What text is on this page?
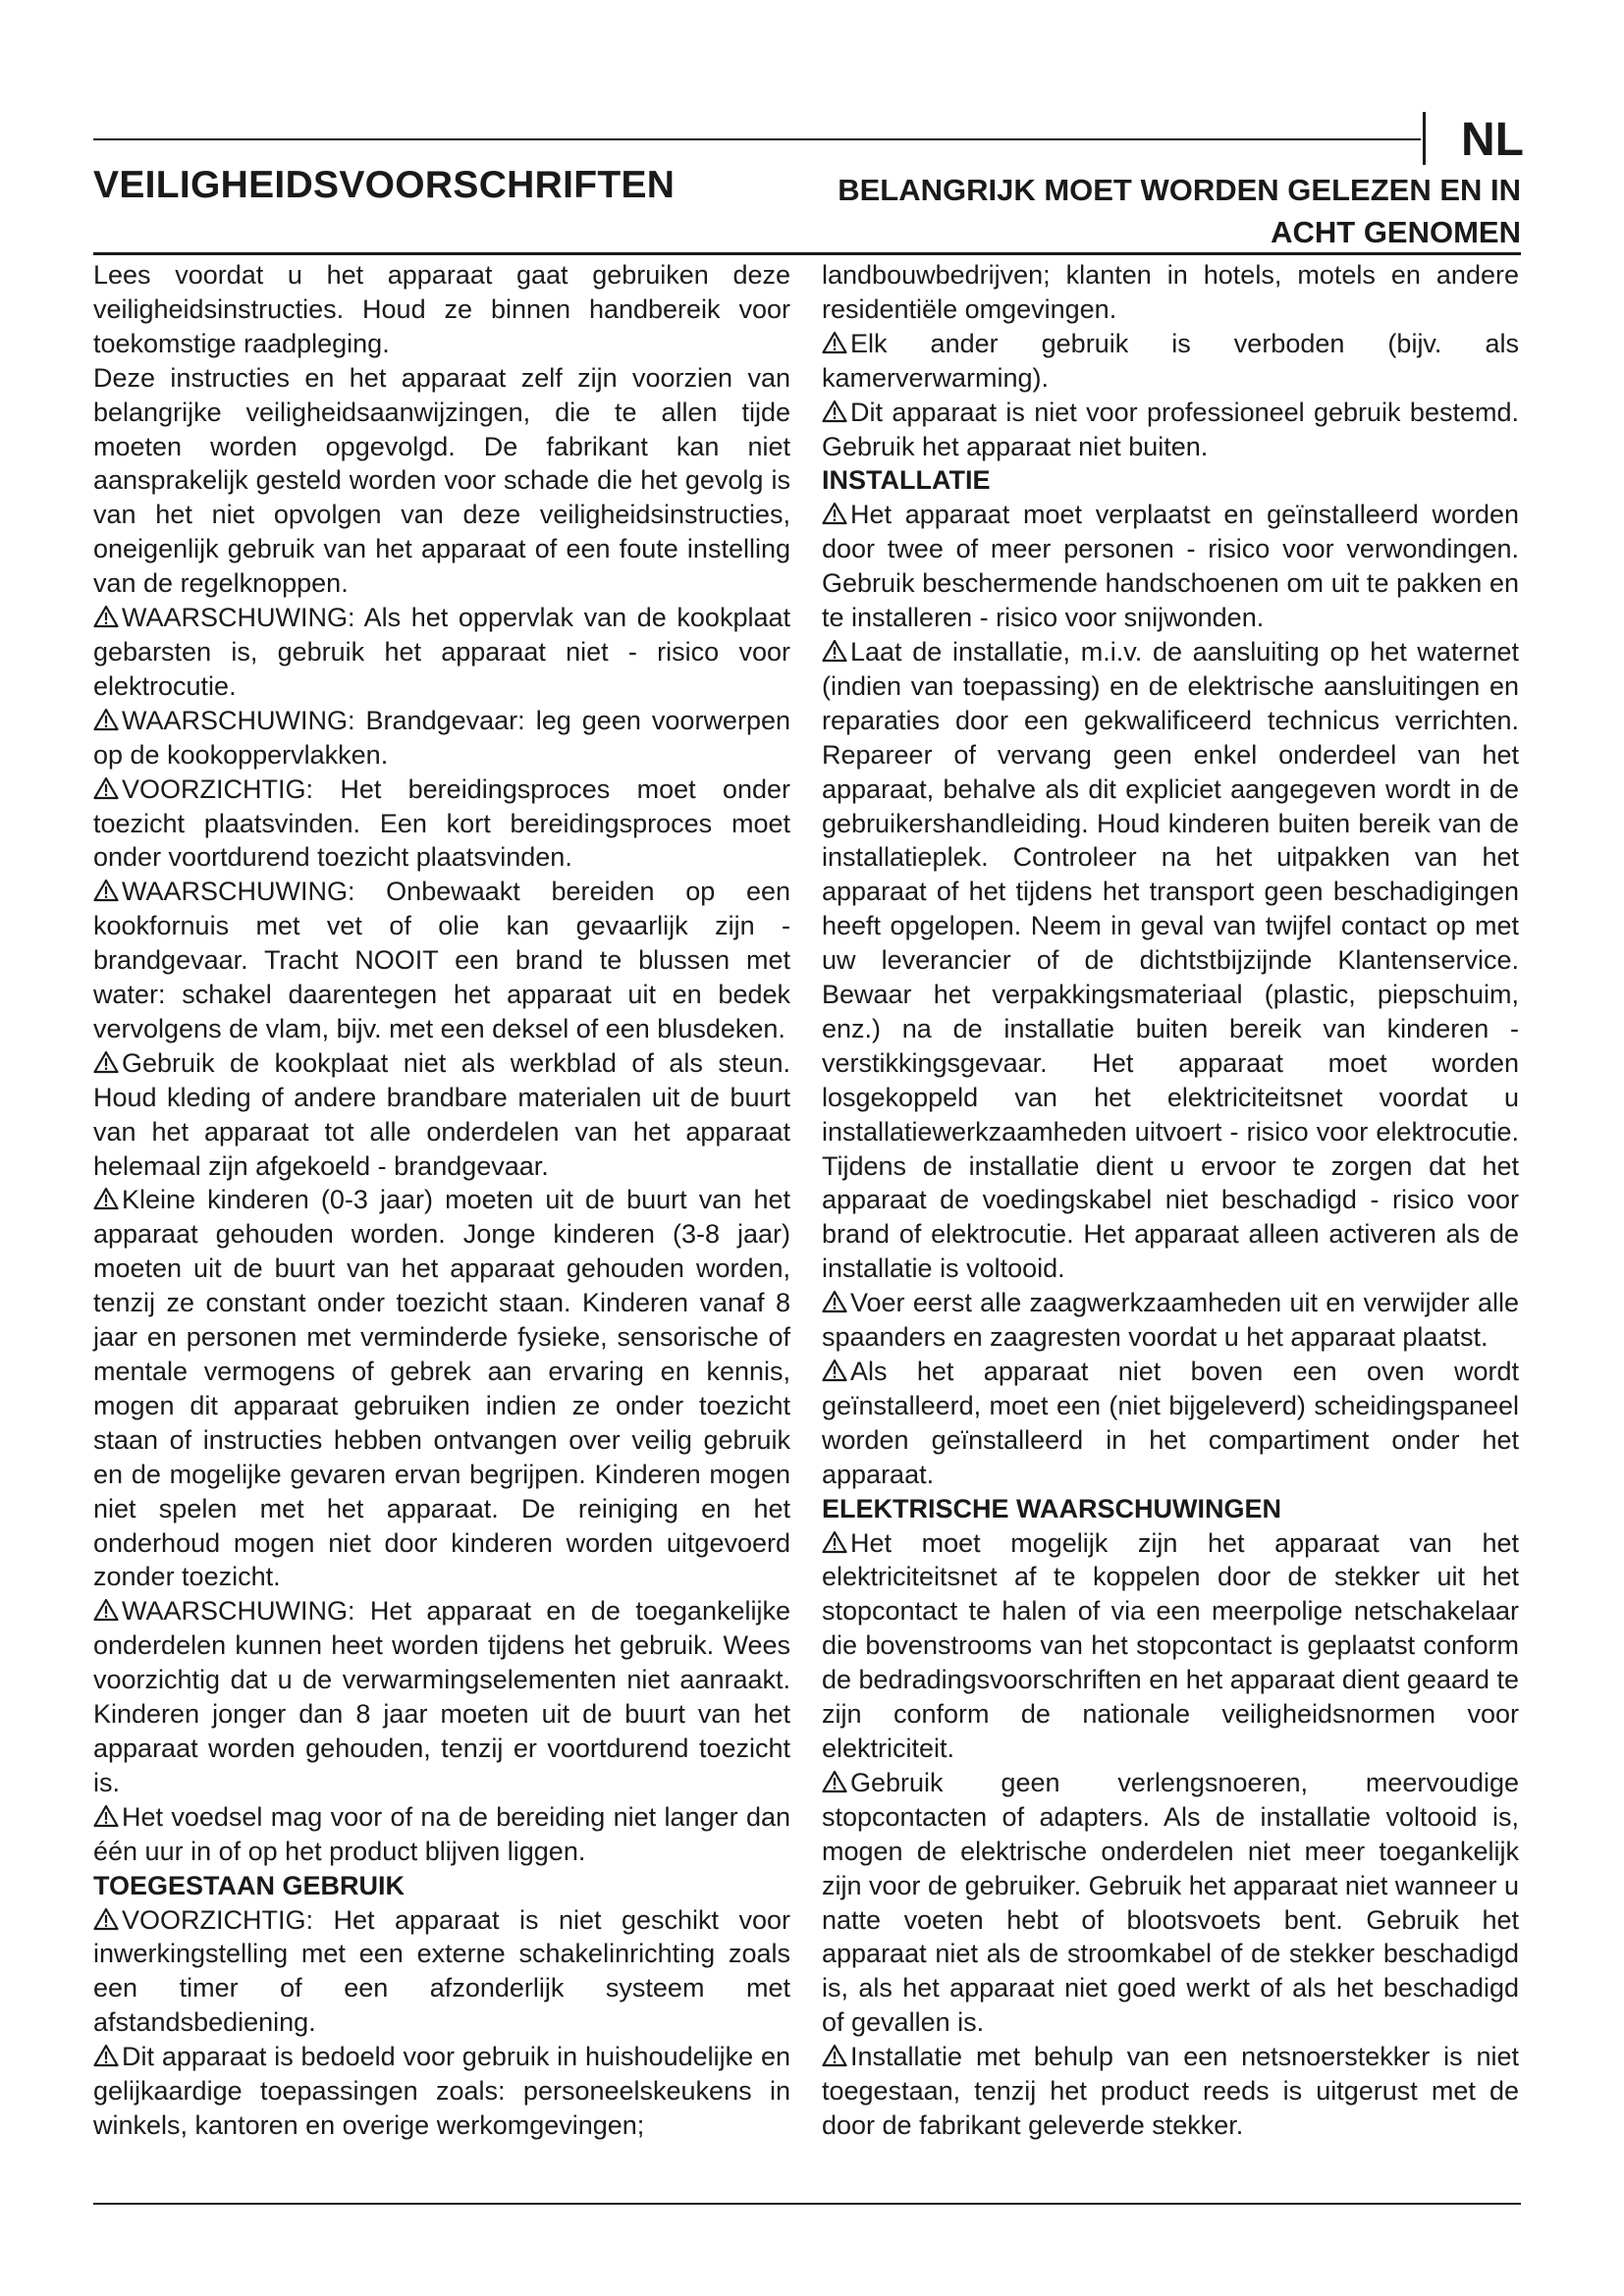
NL
VEILIGHEIDSVOORSCHRIFTEN	BELANGRIJK MOET WORDEN GELEZEN EN IN ACHT GENOMEN

Lees voordat u het apparaat gaat gebruiken deze veiligheidsinstructies. Houd ze binnen handbereik voor toekomstige raadpleging.

Deze instructies en het apparaat zelf zijn voorzien van belangrijke veiligheidsaanwijzingen, die te allen tijde moeten worden opgevolgd. De fabrikant kan niet aansprakelijk gesteld worden voor schade die het gevolg is van het niet opvolgen van deze veiligheidsinstructies, oneigenlijk gebruik van het apparaat of een foute instelling van de regelknoppen.

WAARSCHUWING: Als het oppervlak van de kookplaat gebarsten is, gebruik het apparaat niet - risico voor elektrocutie.

WAARSCHUWING: Brandgevaar: leg geen voorwerpen op de kookoppervlakken.

VOORZICHTIG: Het bereidingsproces moet onder toezicht plaatsvinden. Een kort bereidingsproces moet onder voortdurend toezicht plaatsvinden.

WAARSCHUWING: Onbewaakt bereiden op een kookfornuis met vet of olie kan gevaarlijk zijn - brandgevaar. Tracht NOOIT een brand te blussen met water: schakel daarentegen het apparaat uit en bedek vervolgens de vlam, bijv. met een deksel of een blusdeken.

Gebruik de kookplaat niet als werkblad of als steun. Houd kleding of andere brandbare materialen uit de buurt van het apparaat tot alle onderdelen van het apparaat helemaal zijn afgekoeld - brandgevaar.

Kleine kinderen (0-3 jaar) moeten uit de buurt van het apparaat gehouden worden. Jonge kinderen (3-8 jaar) moeten uit de buurt van het apparaat gehouden worden, tenzij ze constant onder toezicht staan. Kinderen vanaf 8 jaar en personen met verminderde fysieke, sensorische of mentale vermogens of gebrek aan ervaring en kennis, mogen dit apparaat gebruiken indien ze onder toezicht staan of instructies hebben ontvangen over veilig gebruik en de mogelijke gevaren ervan begrijpen. Kinderen mogen niet spelen met het apparaat. De reiniging en het onderhoud mogen niet door kinderen worden uitgevoerd zonder toezicht.

WAARSCHUWING: Het apparaat en de toegankelijke onderdelen kunnen heet worden tijdens het gebruik. Wees voorzichtig dat u de verwarmingselementen niet aanraakt. Kinderen jonger dan 8 jaar moeten uit de buurt van het apparaat worden gehouden, tenzij er voortdurend toezicht is.

Het voedsel mag voor of na de bereiding niet langer dan één uur in of op het product blijven liggen.

TOEGESTAAN GEBRUIK

VOORZICHTIG: Het apparaat is niet geschikt voor inwerkingstelling met een externe schakelinrichting zoals een timer of een afzonderlijk systeem met afstandsbediening.

Dit apparaat is bedoeld voor gebruik in huishoudelijke en gelijkaardige toepassingen zoals: personeelskeukens in winkels, kantoren en overige werkomgevingen;

landbouwbedrijven; klanten in hotels, motels en andere residentiële omgevingen.

Elk ander gebruik is verboden (bijv. als kamerverwarming).

Dit apparaat is niet voor professioneel gebruik bestemd. Gebruik het apparaat niet buiten.

INSTALLATIE

Het apparaat moet verplaatst en geïnstalleerd worden door twee of meer personen - risico voor verwondingen. Gebruik beschermende handschoenen om uit te pakken en te installeren - risico voor snijwonden.

Laat de installatie, m.i.v. de aansluiting op het waternet (indien van toepassing) en de elektrische aansluitingen en reparaties door een gekwalificeerd technicus verrichten. Repareer of vervang geen enkel onderdeel van het apparaat, behalve als dit expliciet aangegeven wordt in de gebruikershandleiding. Houd kinderen buiten bereik van de installatieplek. Controleer na het uitpakken van het apparaat of het tijdens het transport geen beschadigingen heeft opgelopen. Neem in geval van twijfel contact op met uw leverancier of de dichtstbijzijnde Klantenservice. Bewaar het verpakkingsmateriaal (plastic, piepschuim, enz.) na de installatie buiten bereik van kinderen - verstikkingsgevaar. Het apparaat moet worden losgekoppeld van het elektriciteitsnet voordat u installatiewerkzaamheden uitvoert - risico voor elektrocutie. Tijdens de installatie dient u ervoor te zorgen dat het apparaat de voedingskabel niet beschadigd - risico voor brand of elektrocutie. Het apparaat alleen activeren als de installatie is voltooid.

Voer eerst alle zaagwerkzaamheden uit en verwijder alle spaanders en zaagresten voordat u het apparaat plaatst.

Als het apparaat niet boven een oven wordt geïnstalleerd, moet een (niet bijgeleverd) scheidingspaneel worden geïnstalleerd in het compartiment onder het apparaat.

ELEKTRISCHE WAARSCHUWINGEN

Het moet mogelijk zijn het apparaat van het elektriciteitsnet af te koppelen door de stekker uit het stopcontact te halen of via een meerpolige netschakelaar die bovenstrooms van het stopcontact is geplaatst conform de bedradingsvoorschriften en het apparaat dient geaard te zijn conform de nationale veiligheidsnormen voor elektriciteit.

Gebruik geen verlengsnoeren, meervoudige stopcontacten of adapters. Als de installatie voltooid is, mogen de elektrische onderdelen niet meer toegankelijk zijn voor de gebruiker. Gebruik het apparaat niet wanneer u natte voeten hebt of blootsvoets bent. Gebruik het apparaat niet als de stroomkabel of de stekker beschadigd is, als het apparaat niet goed werkt of als het beschadigd of gevallen is.

Installatie met behulp van een netsnoerstekker is niet toegestaan, tenzij het product reeds is uitgerust met de door de fabrikant geleverde stekker.
